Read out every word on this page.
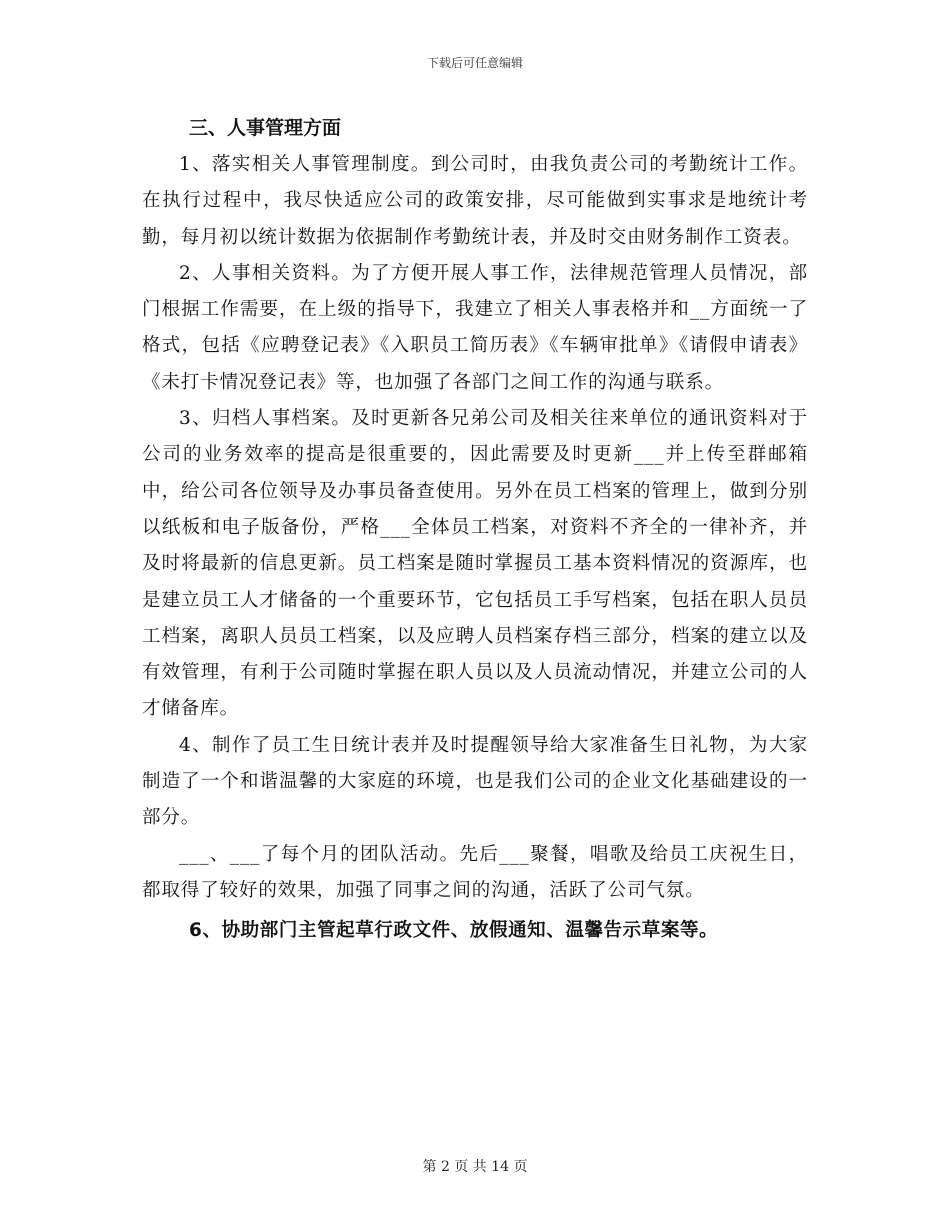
下载后可任意编辑
三、人事管理方面

1、落实相关人事管理制度。到公司时，由我负责公司的考勤统计工作。在执行过程中，我尽快适应公司的政策安排，尽可能做到实事求是地统计考勤，每月初以统计数据为依据制作考勤统计表，并及时交由财务制作工资表。

2、人事相关资料。为了方便开展人事工作，法律规范管理人员情况，部门根据工作需要，在上级的指导下，我建立了相关人事表格并和__方面统一了格式，包括《应聘登记表》《入职员工简历表》《车辆审批单》《请假申请表》《未打卡情况登记表》等，也加强了各部门之间工作的沟通与联系。

3、归档人事档案。及时更新各兄弟公司及相关往来单位的通讯资料对于公司的业务效率的提高是很重要的，因此需要及时更新___并上传至群邮箱中，给公司各位领导及办事员备查使用。另外在员工档案的管理上，做到分别以纸板和电子版备份，严格___全体员工档案，对资料不齐全的一律补齐，并及时将最新的信息更新。员工档案是随时掌握员工基本资料情况的资源库，也是建立员工人才储备的一个重要环节，它包括员工手写档案，包括在职人员员工档案，离职人员员工档案，以及应聘人员档案存档三部分，档案的建立以及有效管理，有利于公司随时掌握在职人员以及人员流动情况，并建立公司的人才储备库。

4、制作了员工生日统计表并及时提醒领导给大家准备生日礼物，为大家制造了一个和谐温馨的大家庭的环境，也是我们公司的企业文化基础建设的一部分。

___、___了每个月的团队活动。先后___聚餐，唱歌及给员工庆祝生日，都取得了较好的效果，加强了同事之间的沟通，活跃了公司气氛。

6、协助部门主管起草行政文件、放假通知、温馨告示草案等。
第 2 页 共 14 页
